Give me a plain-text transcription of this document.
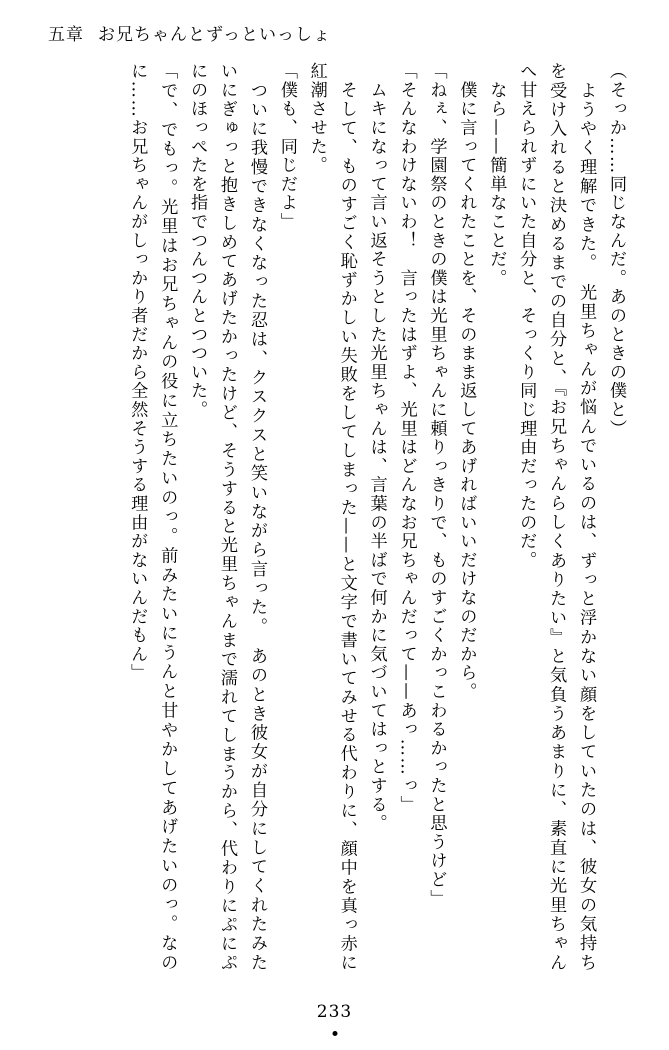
五章 お兄ちゃんとずっといっしょ

（そっか……同じなんだ。あのときの僕と）

　ようやく理解できた。　光里ちゃんが悩んでいるのは、ずっと浮かない顔をしていたのは、彼女の気持ちを受け入れると決めるまでの自分と、『お兄ちゃんらしくありたい』と気負うあまりに、素直に光里ちゃんへ甘えられずにいた自分と、そっくり同じ理由だったのだ。

　なら——簡単なことだ。

　僕に言ってくれたことを、そのまま返してあげればいいだけなのだから。

「ねぇ、学園祭のときの僕は光里ちゃんに頼りっきりで、ものすごくかっこわるかったと思うけど」

「そんなわけないわ！　言ったはずよ、光里はどんなお兄ちゃんだって——あっ……っ」

　ムキになって言い返そうとした光里ちゃんは、言葉の半ばで何かに気づいてはっとする。

　そして、ものすごく恥ずかしい失敗をしてしまった——と文字で書いてみせる代わりに、顔中を真っ赤に紅潮させた。

「僕も、同じだよ」

　ついに我慢できなくなった忍は、クスクスと笑いながら言った。　あのとき彼女が自分にしてくれたみたいにぎゅっと抱きしめてあげたかったけど、そうすると光里ちゃんまで濡れてしまうから、代わりにぷにぷにのほっぺたを指でつんつんとつついた。

「で、でもっ。光里はお兄ちゃんの役に立ちたいのっ。前みたいにうんと甘やかしてあげたいのっ。なのに……お兄ちゃんがしっかり者だから全然そうする理由がないんだもん」

233
